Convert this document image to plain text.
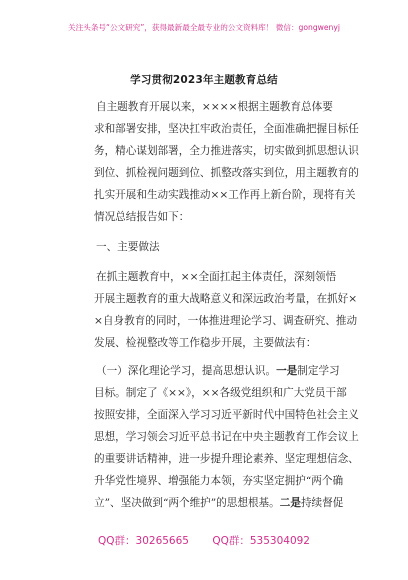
关注头条号“公文研究”，获得最新最全最专业的公文资料库！ 微信：gongwenyj
学习贯彻2023年主题教育总结
自主题教育开展以来，××××根据主题教育总体要
求和部署安排，坚决扛牢政治责任，全面准确把握目标任
务，精心谋划部署，全力推进落实，切实做到抓思想认识
到位、抓检视问题到位、抓整改落实到位，用主题教育的
扎实开展和生动实践推动××工作再上新台阶，现将有关
情况总结报告如下：
一、主要做法
在抓主题教育中，××全面扛起主体责任，深刻领悟
开展主题教育的重大战略意义和深远政治考量，在抓好×
×自身教育的同时，一体推进理论学习、调查研究、推动
发展、检视整改等工作稳步开展，主要做法有：
（一）深化理论学习，提高思想认识。一是制定学习
目标。制定了《××》，××各级党组织和广大党员干部
按照安排，全面深入学习习近平新时代中国特色社会主义
思想，学习领会习近平总书记在中央主题教育工作会议上
的重要讲话精神，进一步提升理论素养、坚定理想信念、
升华党性境界、增强能力本领，夯实坚定拥护“两个确
立”、坚决做到“两个维护”的思想根基。二是持续督促
QQ群：30265665 QQ群：535304092
